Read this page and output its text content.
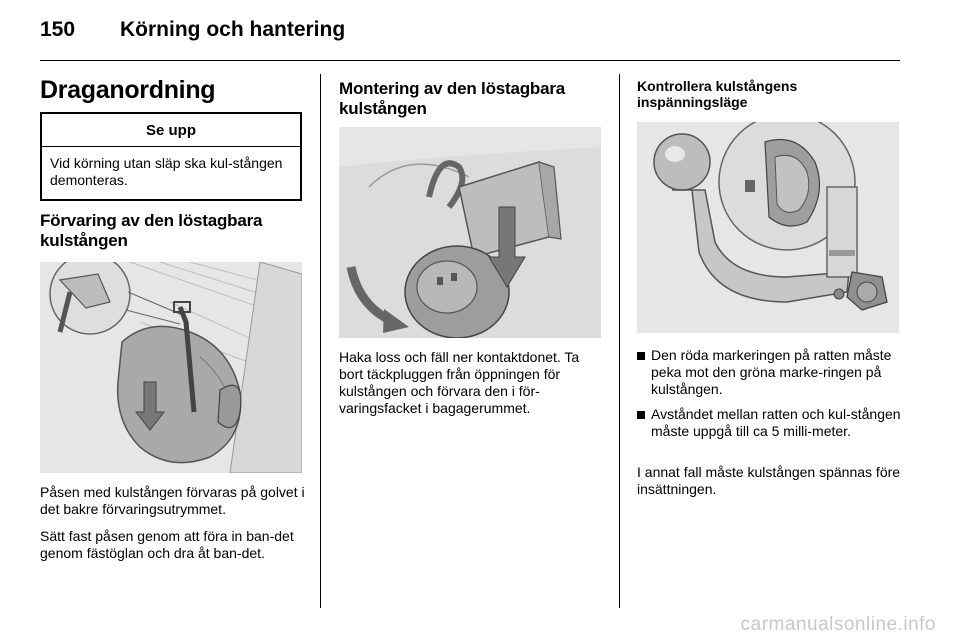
150 Körning och hantering
Draganordning
Se upp
Vid körning utan släp ska kul-stången demonteras.
Förvaring av den löstagbara kulstången
Påsen med kulstången förvaras på golvet i det bakre förvaringsutrymmet.
Sätt fast påsen genom att föra in ban-det genom fästöglan och dra åt ban-det.
Montering av den löstagbara kulstången
Haka loss och fäll ner kontaktdonet. Ta bort täckpluggen från öppningen för kulstången och förvara den i för-varingsfacket i bagagerummet.
Kontrollera kulstångens inspänningsläge
Den röda markeringen på ratten måste peka mot den gröna marke-ringen på kulstången.
Avståndet mellan ratten och kul-stången måste uppgå till ca 5 milli-meter.
I annat fall måste kulstången spännas före insättningen.
carmanualsonline.info
